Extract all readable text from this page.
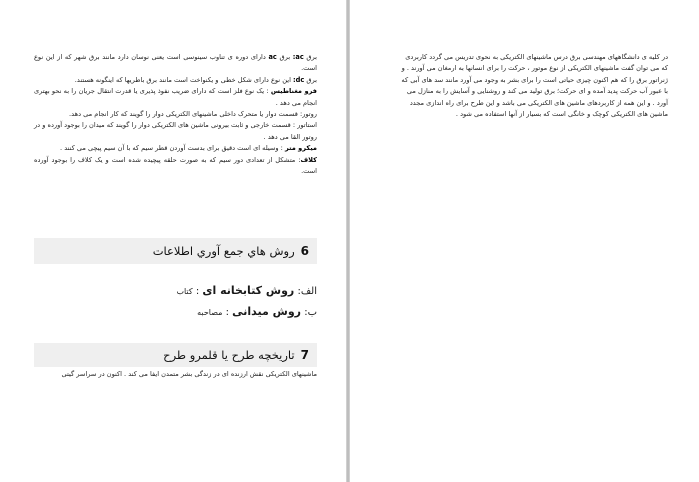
برق ac: برق ac دارای دوره ی تناوب سینوسی است یعنی نوسان دارد مانند برق شهر که از این نوع است.

برق dc: این نوع دارای شکل خطی و یکنواخت است مانند برق باطریها که اینگونه هستند.

فرو مغناطیس : یک نوع فلز است که دارای ضریب نفوذ پذیری یا قدرت انتقال جریان را به نحو بهتری انجام می دهد .

روتور: قسمت دوار یا متحرک داخلی ماشینهای الکتریکی دوار را گویند که کار انجام می دهد.

استاتور : قسمت خارجی و ثابت بیرونی ماشین های الکتریکی دوار را گویند که میدان را بوجود آورده و در روتور القا می دهد .

میکرو متر : وسیله ای است دقیق برای بدست آوردن قطر سیم که با آن سیم پیچی می کنند .

کلاف: متشکل از تعدادی دور سیم که به صورت حلقه پیچیده شده است و یک کلاف را بوجود آورده است.

6
روش هاي جمع آوري اطلاعات
الف: روش کتابخانه ای : کتاب
ب: روش میدانی : مصاحبه
7
تاريخچه طرح يا قلمرو طرح

ماشینهای الکتریکی نقش ارزنده ای در زندگی بشر متمدن ایفا می کند . اکنون در سراسر گیتی

در کلیه ی دانشگاههای مهندسی برق درس ماشینهای الکتریکی به نحوی تدریس می گردد کاربردی

که می توان گفت ماشینهای الکتریکی از نوع موتور ، حرکت را برای انسانها به ارمغان می آورند . و

ژنراتور برق را که هم اکنون چیزی حیاتی است را برای بشر به وجود می آورد مانند سد های آبی که

با عبور آب حرکت پدید آمده و ای حرکت؛ برق تولید می کند و روشنایی و آسایش را به منازل می

آورد . و این همه از کاربردهای ماشین های الکتریکی می باشد و این طرح برای راه اندازی مجدد

ماشین های الکتریکی کوچک و خانگی است که بسیار از آنها استفاده می شود .
